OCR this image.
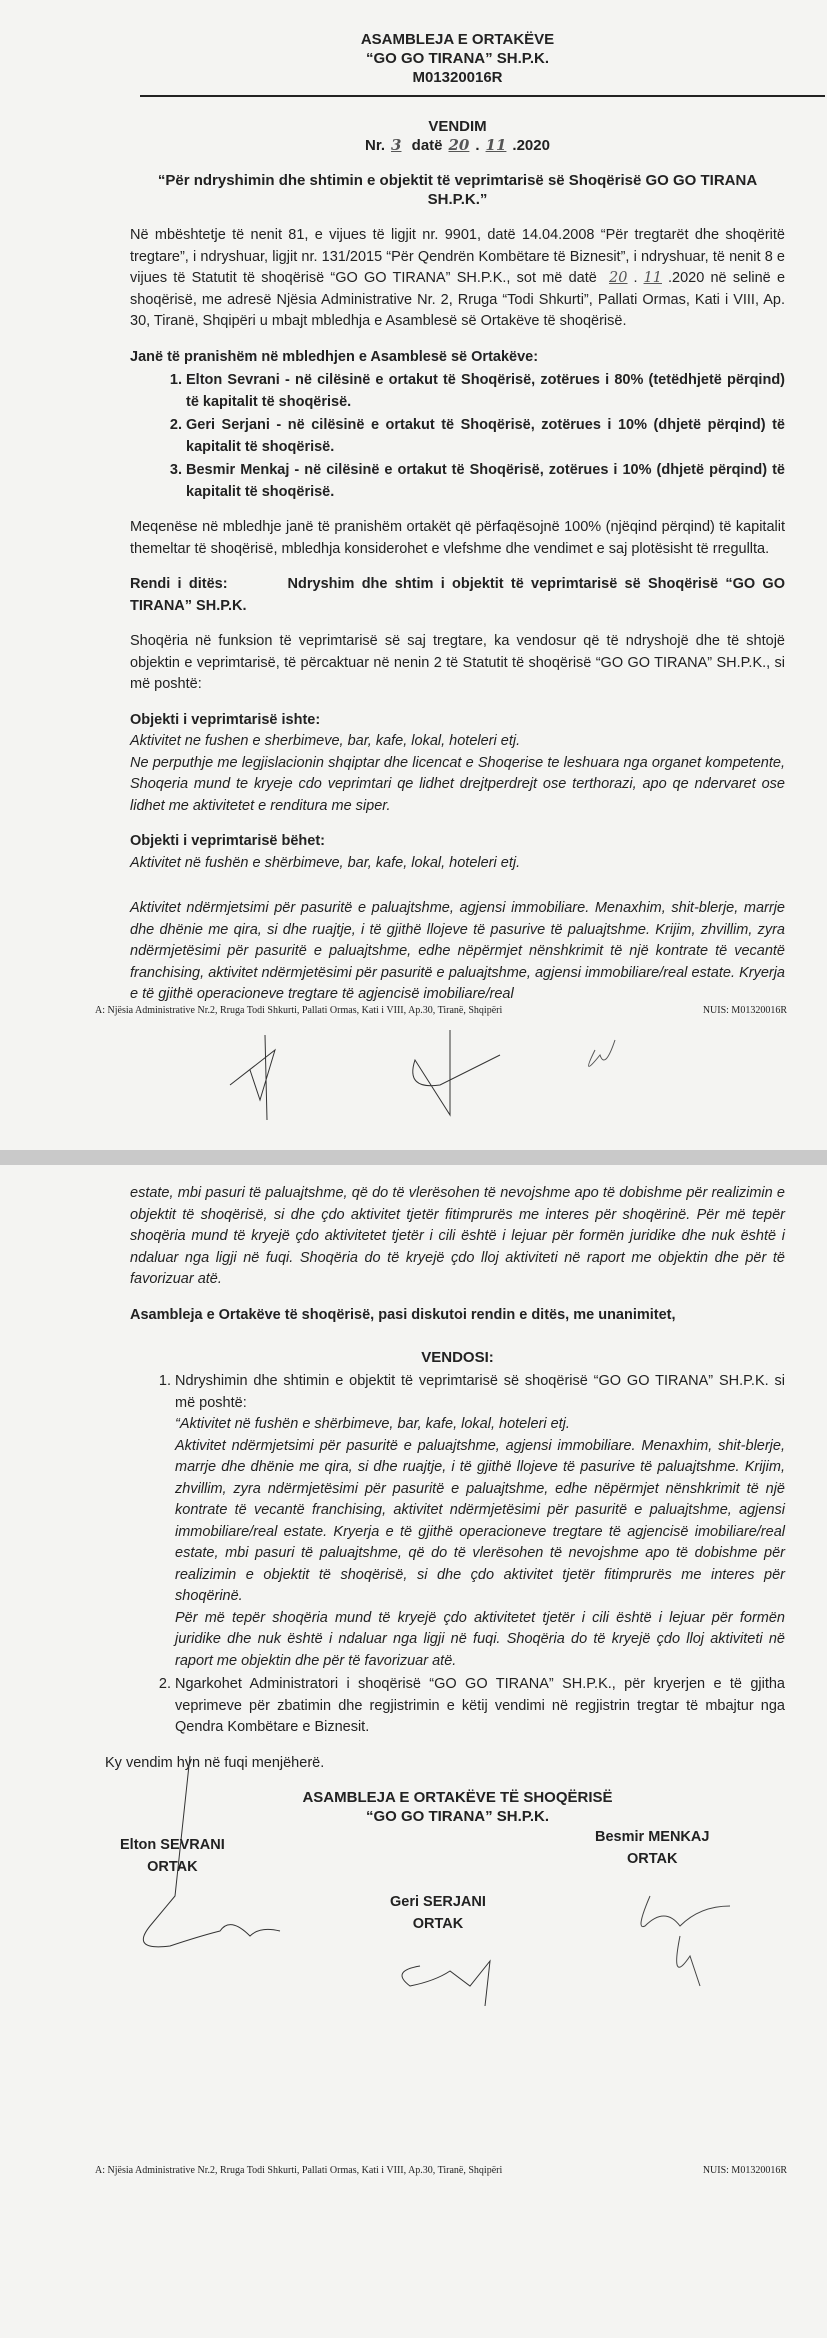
ASAMBLEJA E ORTAKËVE
“GO GO TIRANA” SH.P.K.
M01320016R
VENDIM
Nr. 3 datë 20 . 11 .2020
“Për ndryshimin dhe shtimin e objektit të veprimtarisë së Shoqërisë GO GO TIRANA SH.P.K.”

Në mbështetje të nenit 81, e vijues të ligjit nr. 9901, datë 14.04.2008 “Për tregtarët dhe shoqëritë tregtare”, i ndryshuar, ligjit nr. 131/2015 “Për Qendrën Kombëtare të Biznesit”, i ndryshuar, të nenit 8 e vijues të Statutit të shoqërisë “GO GO TIRANA” SH.P.K., sot më datë 20 . 11 .2020 në selinë e shoqërisë, me adresë Njësia Administrative Nr. 2, Rruga “Todi Shkurti”, Pallati Ormas, Kati i VIII, Ap. 30, Tiranë, Shqipëri u mbajt mbledhja e Asamblesë së Ortakëve të shoqërisë.

Janë të pranishëm në mbledhjen e Asamblesë së Ortakëve:

1. Elton Sevrani - në cilësinë e ortakut të Shoqërisë, zotërues i 80% (tetëdhjetë përqind) të kapitalit të shoqërisë.
2. Geri Serjani - në cilësinë e ortakut të Shoqërisë, zotërues i 10% (dhjetë përqind) të kapitalit të shoqërisë.
3. Besmir Menkaj - në cilësinë e ortakut të Shoqërisë, zotërues i 10% (dhjetë përqind) të kapitalit të shoqërisë.

Meqenëse në mbledhje janë të pranishëm ortakët që përfaqësojnë 100% (njëqind përqind) të kapitalit themeltar të shoqërisë, mbledhja konsiderohet e vlefshme dhe vendimet e saj plotësisht të rregullta.

Rendi i ditës:	Ndryshim dhe shtim i objektit të veprimtarisë së Shoqërisë “GO GO TIRANA” SH.P.K.

Shoqëria në funksion të veprimtarisë së saj tregtare, ka vendosur që të ndryshojë dhe të shtojë objektin e veprimtarisë, të përcaktuar në nenin 2 të Statutit të shoqërisë “GO GO TIRANA” SH.P.K., si më poshtë:

Objekti i veprimtarisë ishte:

Aktivitet ne fushen e sherbimeve, bar, kafe, lokal, hoteleri etj.
Ne perputhje me legjislacionin shqiptar dhe licencat e Shoqerise te leshuara nga organet kompetente, Shoqeria mund te kryeje cdo veprimtari qe lidhet drejtperdrejt ose terthorazi, apo qe ndervaret ose lidhet me aktivitetet e renditura me siper.

Objekti i veprimtarisë bëhet:

Aktivitet në fushën e shërbimeve, bar, kafe, lokal, hoteleri etj.

Aktivitet ndërmjetsimi për pasuritë e paluajtshme, agjensi immobiliare. Menaxhim, shit-blerje, marrje dhe dhënie me qira, si dhe ruajtje, i të gjithë llojeve të pasurive të paluajtshme. Krijim, zhvillim, zyra ndërmjetësimi për pasuritë e paluajtshme, edhe nëpërmjet nënshkrimit të një kontrate të vecantë franchising, aktivitet ndërmjetësimi për pasuritë e paluajtshme, agjensi immobiliare/real estate. Kryerja e të gjithë operacioneve tregtare të agjencisë imobiliare/real

A: Njësia Administrative Nr.2, Rruga Todi Shkurti, Pallati Ormas, Kati i VIII, Ap.30, Tiranë, Shqipëri	NUIS: M01320016R

estate, mbi pasuri të paluajtshme, që do të vlerësohen të nevojshme apo të dobishme për realizimin e objektit të shoqërisë, si dhe çdo aktivitet tjetër fitimprurës me interes për shoqërinë. Për më tepër shoqëria mund të kryejë çdo aktivitetet tjetër i cili është i lejuar për formën juridike dhe nuk është i ndaluar nga ligji në fuqi. Shoqëria do të kryejë çdo lloj aktiviteti në raport me objektin dhe për të favorizuar atë.

Asambleja e Ortakëve të shoqërisë, pasi diskutoi rendin e ditës, me unanimitet,

VENDOSI:
1. Ndryshimin dhe shtimin e objektit të veprimtarisë së shoqërisë “GO GO TIRANA” SH.P.K. si më poshtë:
“Aktivitet në fushën e shërbimeve, bar, kafe, lokal, hoteleri etj.
Aktivitet ndërmjetsimi për pasuritë e paluajtshme, agjensi immobiliare. Menaxhim, shit-blerje, marrje dhe dhënie me qira, si dhe ruajtje, i të gjithë llojeve të pasurive të paluajtshme. Krijim, zhvillim, zyra ndërmjetësimi për pasuritë e paluajtshme, edhe nëpërmjet nënshkrimit të një kontrate të vecantë franchising, aktivitet ndërmjetësimi për pasuritë e paluajtshme, agjensi immobiliare/real estate. Kryerja e të gjithë operacioneve tregtare të agjencisë imobiliare/real estate, mbi pasuri të paluajtshme, që do të vlerësohen të nevojshme apo të dobishme për realizimin e objektit të shoqërisë, si dhe çdo aktivitet tjetër fitimprurës me interes për shoqërinë.
Për më tepër shoqëria mund të kryejë çdo aktivitetet tjetër i cili është i lejuar për formën juridike dhe nuk është i ndaluar nga ligji në fuqi. Shoqëria do të kryejë çdo lloj aktiviteti në raport me objektin dhe për të favorizuar atë.
2. Ngarkohet Administratori i shoqërisë “GO GO TIRANA” SH.P.K., për kryerjen e të gjitha veprimeve për zbatimin dhe regjistrimin e këtij vendimi në regjistrin tregtar të mbajtur nga Qendra Kombëtare e Biznesit.

Ky vendim hyn në fuqi menjëherë.

ASAMBLEJA E ORTAKËVE TË SHOQËRISË
“GO GO TIRANA” SH.P.K.
Elton SEVRANI
ORTAK
Geri SERJANI
ORTAK
Besmir MENKAJ
ORTAK
A: Njësia Administrative Nr.2, Rruga Todi Shkurti, Pallati Ormas, Kati i VIII, Ap.30, Tiranë, Shqipëri	NUIS: M01320016R
